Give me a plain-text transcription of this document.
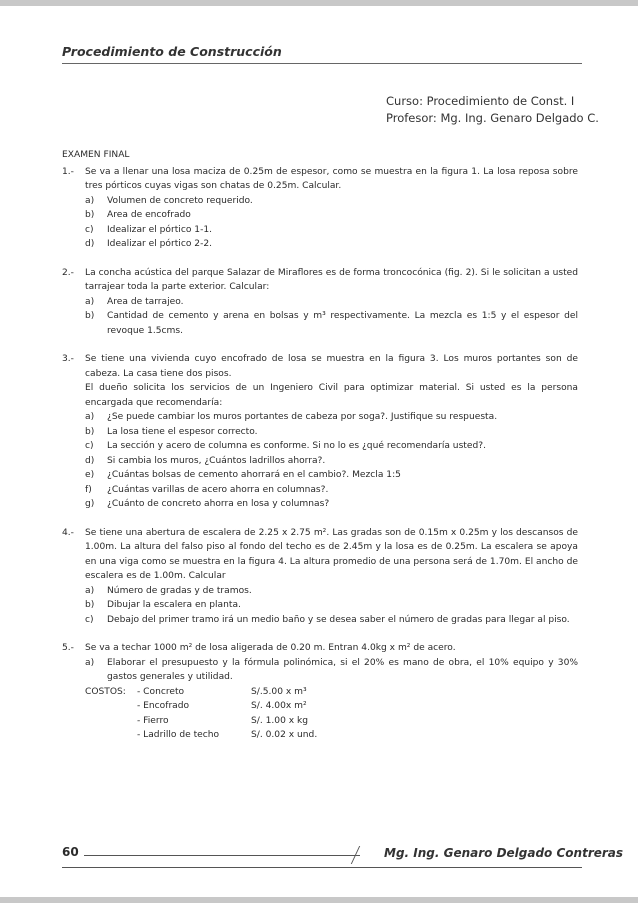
Procedimiento de Construcción
Curso: Procedimiento de Const. I
Profesor: Mg. Ing. Genaro Delgado C.
EXAMEN FINAL
1.-	Se va a llenar una losa maciza de 0.25m de espesor, como se muestra en la figura 1. La losa reposa sobre tres pórticos cuyas vigas son chatas de 0.25m. Calcular.
a)	Volumen de concreto requerido.
b)	Area de encofrado
c)	Idealizar el pórtico 1-1.
d)	Idealizar el pórtico 2-2.
2.-	La concha acústica del parque Salazar de Miraflores es de forma troncocónica (fig. 2). Si le solicitan a usted tarrajear toda la parte exterior. Calcular:
a)	Area de tarrajeo.
b)	Cantidad de cemento y arena en bolsas y m³ respectivamente. La mezcla es 1:5 y el espesor del revoque 1.5cms.
3.-	Se tiene una vivienda cuyo encofrado de losa se muestra en la figura 3. Los muros portantes son de cabeza. La casa tiene dos pisos.
El dueño solicita los servicios de un Ingeniero Civil para optimizar material. Si usted es la persona encargada que recomendaría:
a)	¿Se puede cambiar los muros portantes de cabeza por soga?. Justifique su respuesta.
b)	La losa tiene el espesor correcto.
c)	La sección y acero de columna es conforme. Si no lo es ¿qué recomendaría usted?.
d)	Si cambia los muros, ¿Cuántos ladrillos ahorra?.
e)	¿Cuántas bolsas de cemento ahorrará en el cambio?. Mezcla 1:5
f)	¿Cuántas varillas de acero ahorra en columnas?.
g)	¿Cuánto de concreto ahorra en losa y columnas?
4.-	Se tiene una abertura de escalera de 2.25 x 2.75 m². Las gradas son de 0.15m x 0.25m y los descansos de 1.00m. La altura del falso piso al fondo del techo es de 2.45m y la losa es de 0.25m. La escalera se apoya en una viga como se muestra en la figura 4. La altura promedio de una persona será de 1.70m. El ancho de escalera es de 1.00m. Calcular
a)	Número de gradas y de tramos.
b)	Dibujar la escalera en planta.
c)	Debajo del primer tramo irá un medio baño y se desea saber el número de gradas para llegar al piso.
5.-	Se va a techar 1000 m² de losa aligerada de 0.20 m. Entran 4.0kg x m² de acero.
a)	Elaborar el presupuesto y la fórmula polinómica, si el 20% es mano de obra, el 10% equipo y 30% gastos generales y utilidad.
COSTOS:	- Concreto	S/.5.00 x m³
- Encofrado	S/. 4.00x m²
- Fierro	S/. 1.00 x kg
- Ladrillo de techo	S/. 0.02 x und.
60	Mg. Ing. Genaro Delgado Contreras
